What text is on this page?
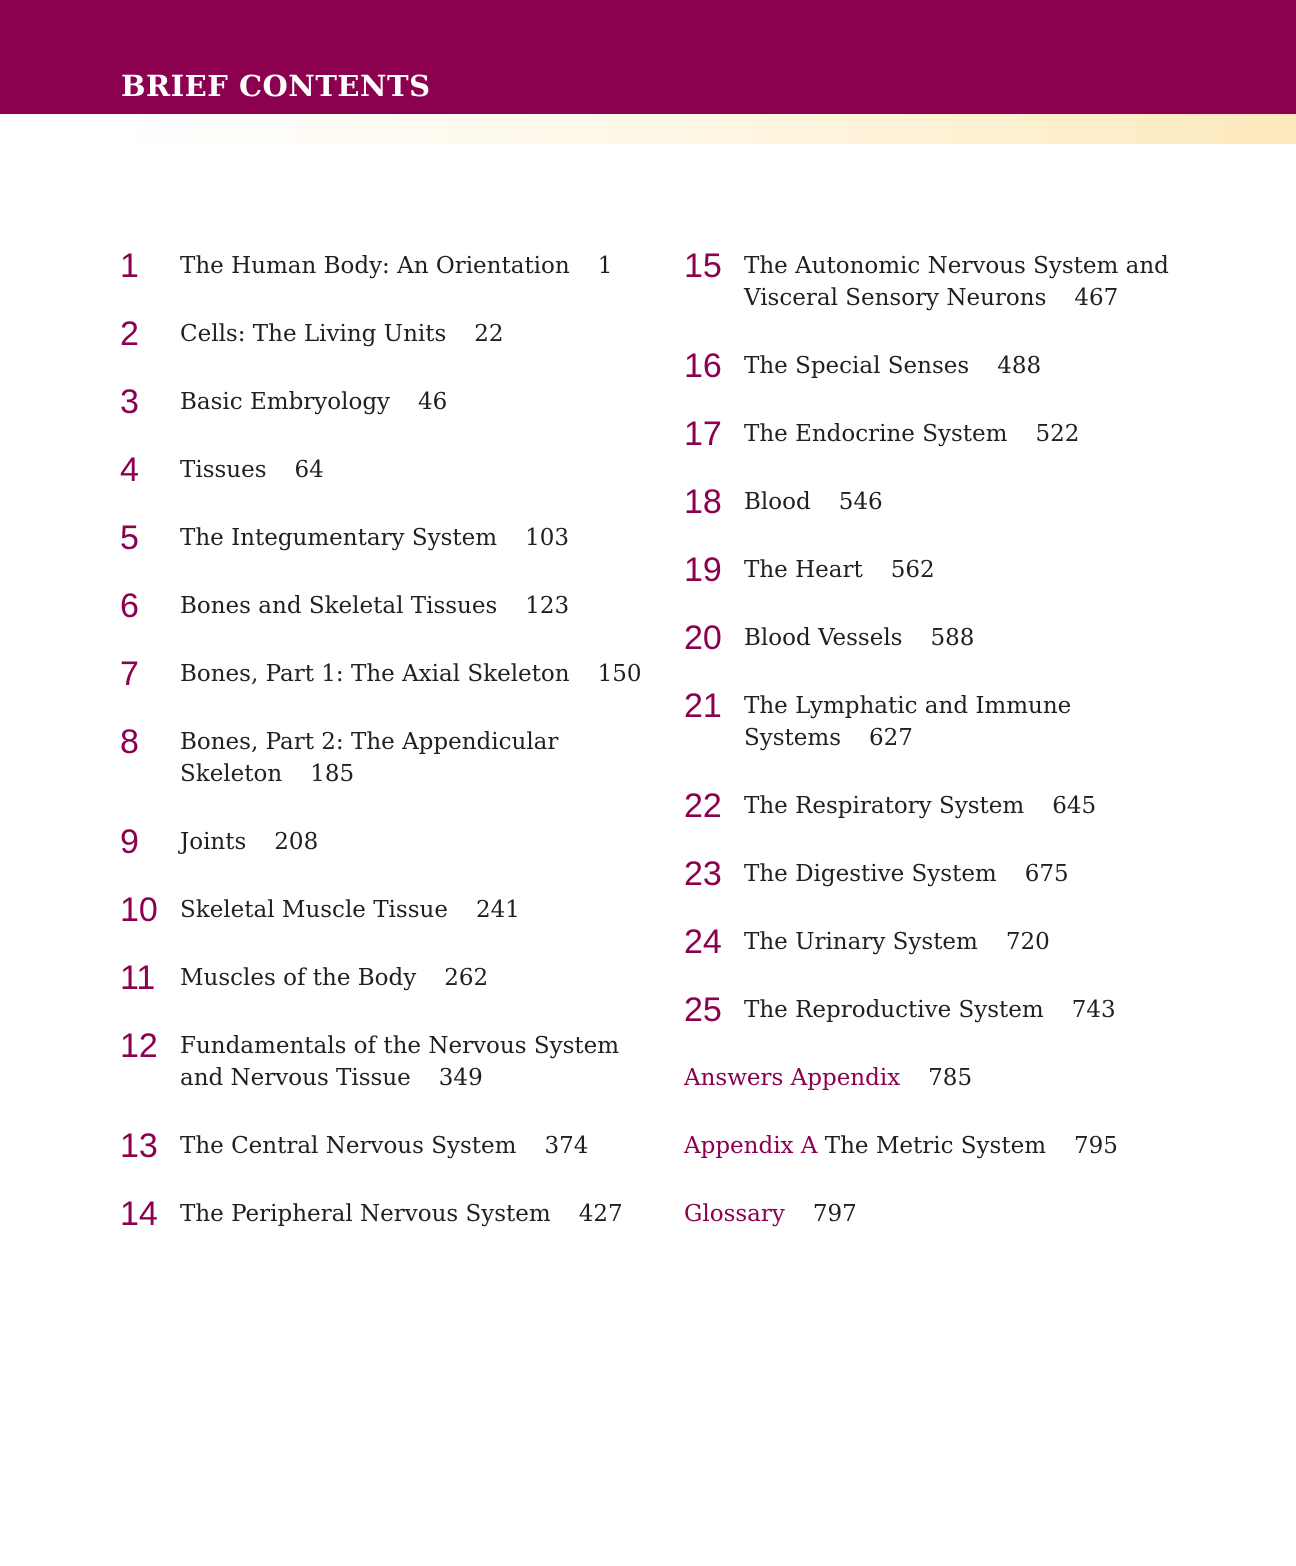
BRIEF CONTENTS
1 The Human Body: An Orientation 1
2 Cells: The Living Units 22
3 Basic Embryology 46
4 Tissues 64
5 The Integumentary System 103
6 Bones and Skeletal Tissues 123
7 Bones, Part 1: The Axial Skeleton 150
8 Bones, Part 2: The Appendicular
Skeleton 185
9 Joints 208
10 Skeletal Muscle Tissue 241
11 Muscles of the Body 262
12 Fundamentals of the Nervous System
and Nervous Tissue 349
13 The Central Nervous System 374
14 The Peripheral Nervous System 427
15 The Autonomic Nervous System and
Visceral Sensory Neurons 467
16 The Special Senses 488
17 The Endocrine System 522
18 Blood 546
19 The Heart 562
20 Blood Vessels 588
21 The Lymphatic and Immune
Systems 627
22 The Respiratory System 645
23 The Digestive System 675
24 The Urinary System 720
25 The Reproductive System 743
Answers Appendix 785
Appendix A The Metric System 795
Glossary 797
